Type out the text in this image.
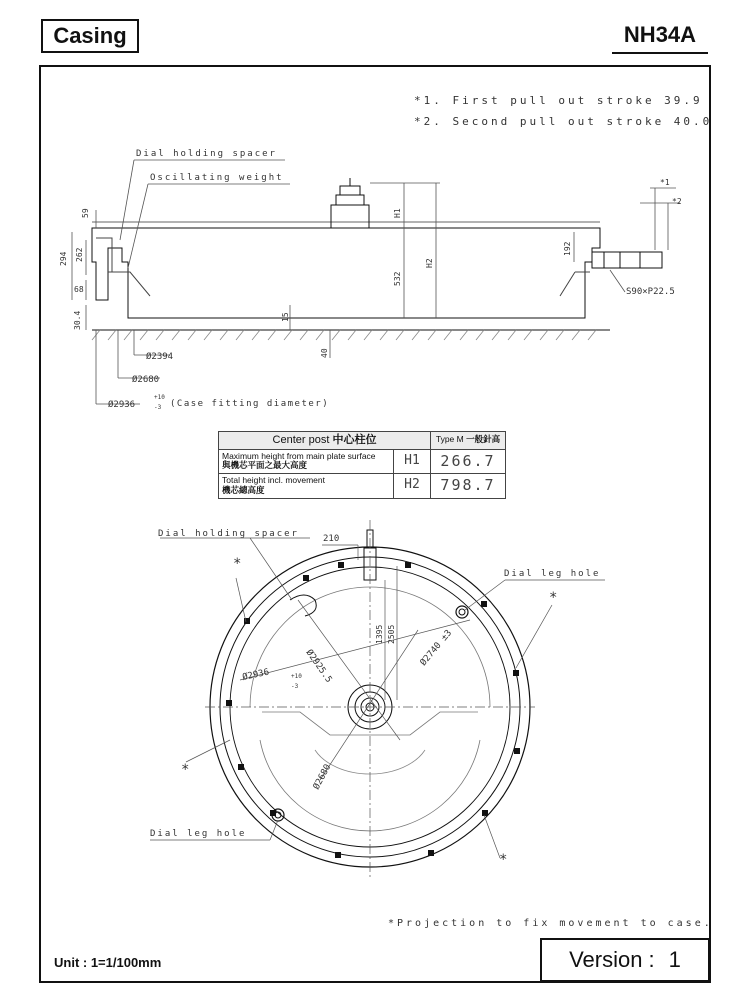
Casing	NH34A
*1. First pull out stroke 39.9
*2. Second pull out stroke 40.0
*Projection to fix movement to case.
59
294 262
68
30.4
H1
H2
532
15
40
192
*1
*2
S90×P22.5
Ø2394
Ø2680
Ø2936
+10
-3 (Case fitting diameter)
Dial holding spacer
Oscillating weight
Center post 中心柱位		Type M 一般針高

Maximum height from main plate surface
與機芯平面之最大高度	H1	266.7

Total height incl. movement
機芯總高度	H2	798.7
210
Ø2925.5	Ø2740 ±3
Ø2936	+10
-3
1395 2505
Ø2680
*
*
*
*
Dial holding spacer
Dial leg hole
Dial leg hole
Unit : 1=1/100mm	Version : 1
